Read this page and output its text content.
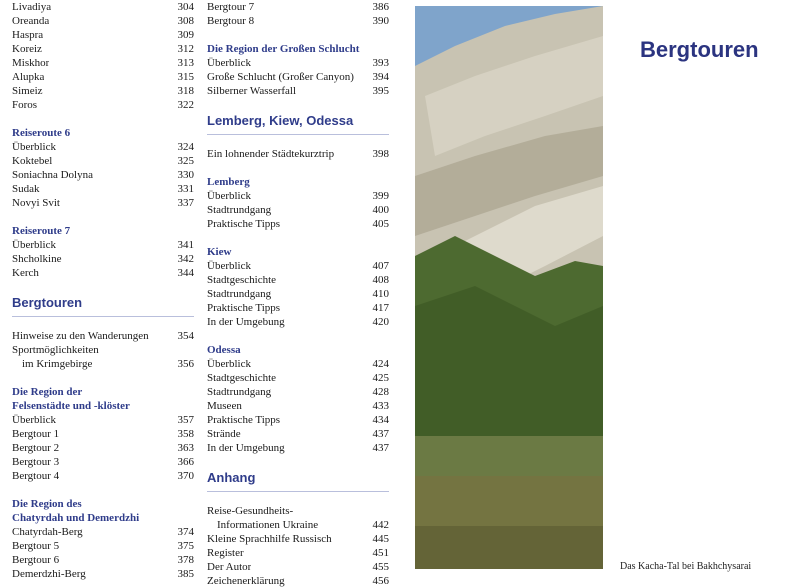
Livadiya	304
Oreanda	308
Haspra	309
Koreiz	312
Miskhor	313
Alupka	315
Simeiz	318
Foros	322
Reiseroute 6
Überblick	324
Koktebel	325
Soniachna Dolyna	330
Sudak	331
Novyi Svit	337
Reiseroute 7
Überblick	341
Shcholkine	342
Kerch	344
Bergtouren
Hinweise zu den Wanderungen	354
Sportmöglichkeiten
im Krimgebirge	356
Die Region der
Felsenstädte und -klöster
Überblick	357
Bergtour 1	358
Bergtour 2	363
Bergtour 3	366
Bergtour 4	370
Die Region des
Chatyrdah und Demerdzhi
Chatyrdah-Berg	374
Bergtour 5	375
Bergtour 6	378
Demerdzhi-Berg	385
Bergtour 7	386
Bergtour 8	390
Die Region der Großen Schlucht
Überblick	393
Große Schlucht (Großer Canyon)	394
Silberner Wasserfall	395
Lemberg, Kiew, Odessa
Ein lohnender Städtekurztrip	398
Lemberg
Überblick	399
Stadtrundgang	400
Praktische Tipps	405
Kiew
Überblick	407
Stadtgeschichte	408
Stadtrundgang	410
Praktische Tipps	417
In der Umgebung	420
Odessa
Überblick	424
Stadtgeschichte	425
Stadtrundgang	428
Museen	433
Praktische Tipps	434
Strände	437
In der Umgebung	437
Anhang
Reise-Gesundheits-
Informationen Ukraine	442
Kleine Sprachhilfe Russisch	445
Register	451
Der Autor	455
Zeichenerklärung	456
Bergtouren
Das Kacha-Tal bei Bakhchysarai
